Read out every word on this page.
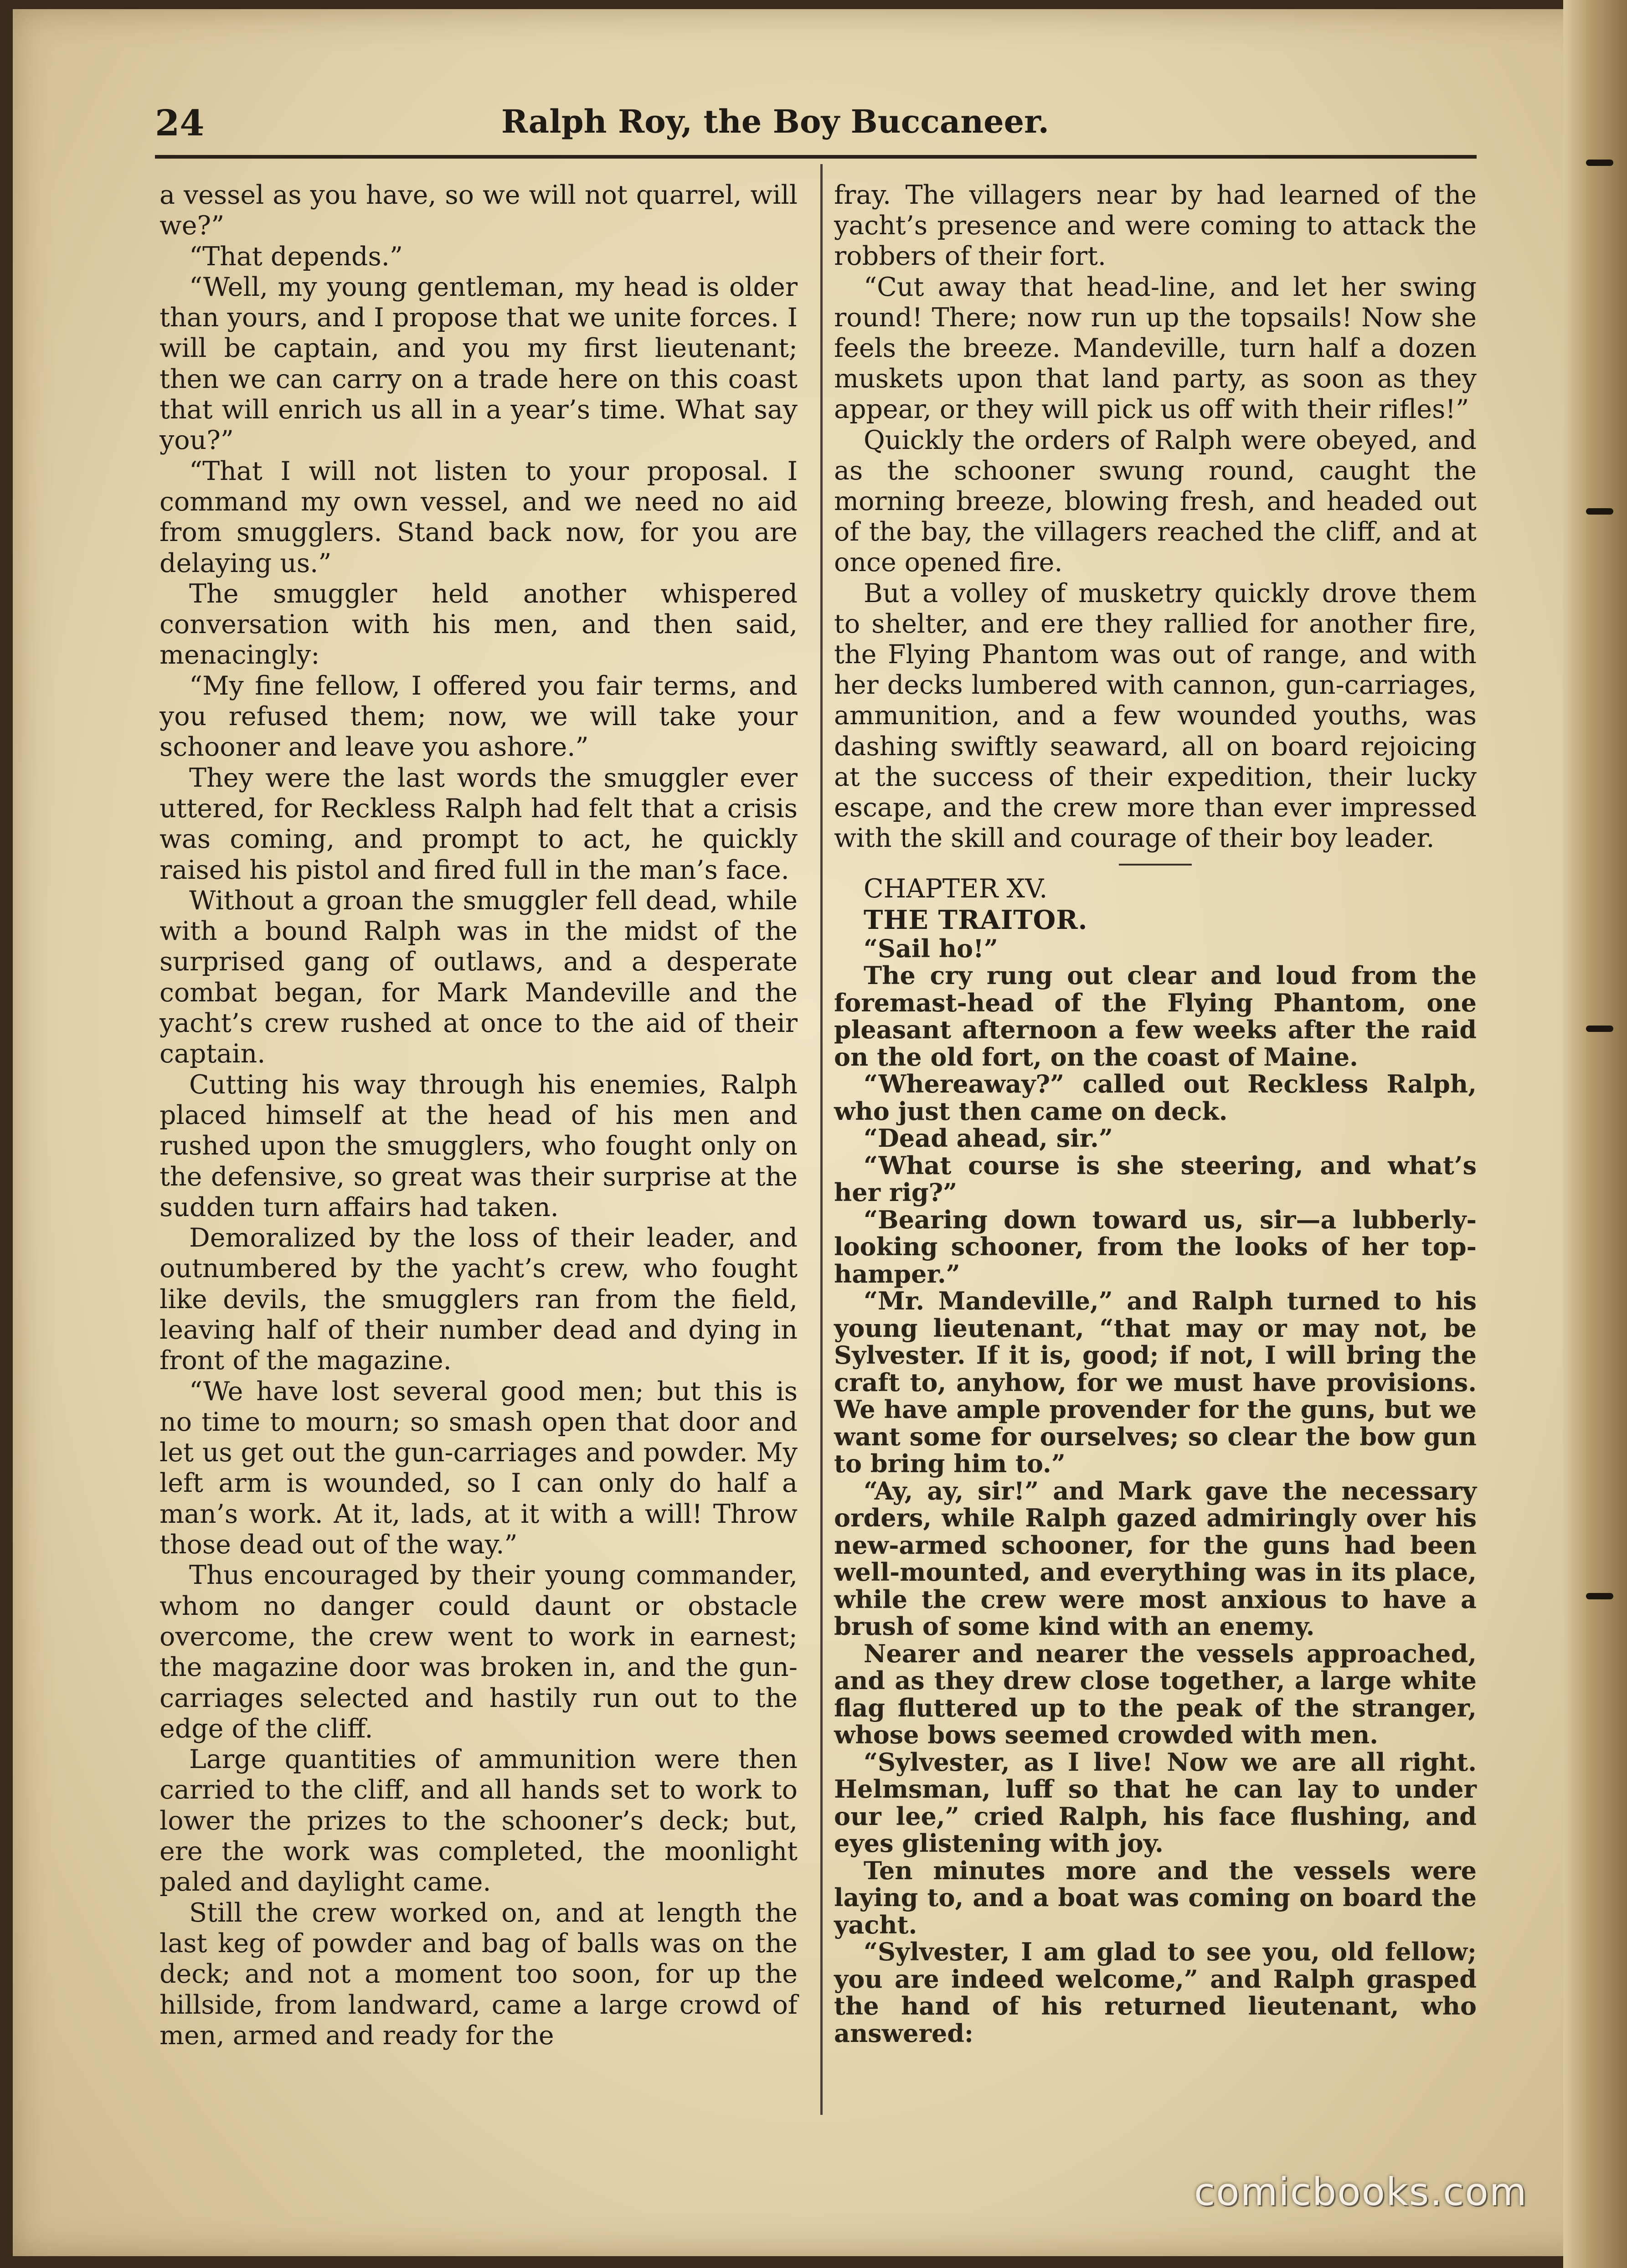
24	Ralph Roy, the Boy Buccaneer.

a vessel as you have, so we will not quarrel, will we?”

“That depends.”

“Well, my young gentleman, my head is older than yours, and I propose that we unite forces. I will be captain, and you my first lieutenant; then we can carry on a trade here on this coast that will enrich us all in a year’s time. What say you?”

“That I will not listen to your proposal. I command my own vessel, and we need no aid from smugglers. Stand back now, for you are delaying us.”

The smuggler held another whispered conversation with his men, and then said, menacingly:

“My fine fellow, I offered you fair terms, and you refused them; now, we will take your schooner and leave you ashore.”

They were the last words the smuggler ever uttered, for Reckless Ralph had felt that a crisis was coming, and prompt to act, he quickly raised his pistol and fired full in the man’s face.

Without a groan the smuggler fell dead, while with a bound Ralph was in the midst of the surprised gang of outlaws, and a desperate combat began, for Mark Mandeville and the yacht’s crew rushed at once to the aid of their captain.

Cutting his way through his enemies, Ralph placed himself at the head of his men and rushed upon the smugglers, who fought only on the defensive, so great was their surprise at the sudden turn affairs had taken.

Demoralized by the loss of their leader, and outnumbered by the yacht’s crew, who fought like devils, the smugglers ran from the field, leaving half of their number dead and dying in front of the magazine.

“We have lost several good men; but this is no time to mourn; so smash open that door and let us get out the gun-carriages and powder. My left arm is wounded, so I can only do half a man’s work. At it, lads, at it with a will! Throw those dead out of the way.”

Thus encouraged by their young commander, whom no danger could daunt or obstacle overcome, the crew went to work in earnest; the magazine door was broken in, and the gun-carriages selected and hastily run out to the edge of the cliff.

Large quantities of ammunition were then carried to the cliff, and all hands set to work to lower the prizes to the schooner’s deck; but, ere the work was completed, the moonlight paled and daylight came.

Still the crew worked on, and at length the last keg of powder and bag of balls was on the deck; and not a moment too soon, for up the hillside, from landward, came a large crowd of men, armed and ready for the

fray. The villagers near by had learned of the yacht’s presence and were coming to attack the robbers of their fort.

“Cut away that head-line, and let her swing round! There; now run up the topsails! Now she feels the breeze. Mandeville, turn half a dozen muskets upon that land party, as soon as they appear, or they will pick us off with their rifles!”

Quickly the orders of Ralph were obeyed, and as the schooner swung round, caught the morning breeze, blowing fresh, and headed out of the bay, the villagers reached the cliff, and at once opened fire.

But a volley of musketry quickly drove them to shelter, and ere they rallied for another fire, the Flying Phantom was out of range, and with her decks lumbered with cannon, gun-carriages, ammunition, and a few wounded youths, was dashing swiftly seaward, all on board rejoicing at the success of their expedition, their lucky escape, and the crew more than ever impressed with the skill and courage of their boy leader.

CHAPTER XV.

THE TRAITOR.

“Sail ho!”

The cry rung out clear and loud from the foremast-head of the Flying Phantom, one pleasant afternoon a few weeks after the raid on the old fort, on the coast of Maine.

“Whereaway?” called out Reckless Ralph, who just then came on deck.

“Dead ahead, sir.”

“What course is she steering, and what’s her rig?”

“Bearing down toward us, sir—a lubberly-looking schooner, from the looks of her top-hamper.”

“Mr. Mandeville,” and Ralph turned to his young lieutenant, “that may or may not, be Sylvester. If it is, good; if not, I will bring the craft to, anyhow, for we must have provisions. We have ample provender for the guns, but we want some for ourselves; so clear the bow gun to bring him to.”

“Ay, ay, sir!” and Mark gave the necessary orders, while Ralph gazed admiringly over his new-armed schooner, for the guns had been well-mounted, and everything was in its place, while the crew were most anxious to have a brush of some kind with an enemy.

Nearer and nearer the vessels approached, and as they drew close together, a large white flag fluttered up to the peak of the stranger, whose bows seemed crowded with men.

“Sylvester, as I live! Now we are all right. Helmsman, luff so that he can lay to under our lee,” cried Ralph, his face flushing, and eyes glistening with joy.

Ten minutes more and the vessels were laying to, and a boat was coming on board the yacht.

“Sylvester, I am glad to see you, old fellow; you are indeed welcome,” and Ralph grasped the hand of his returned lieutenant, who answered:

comicbooks.com
